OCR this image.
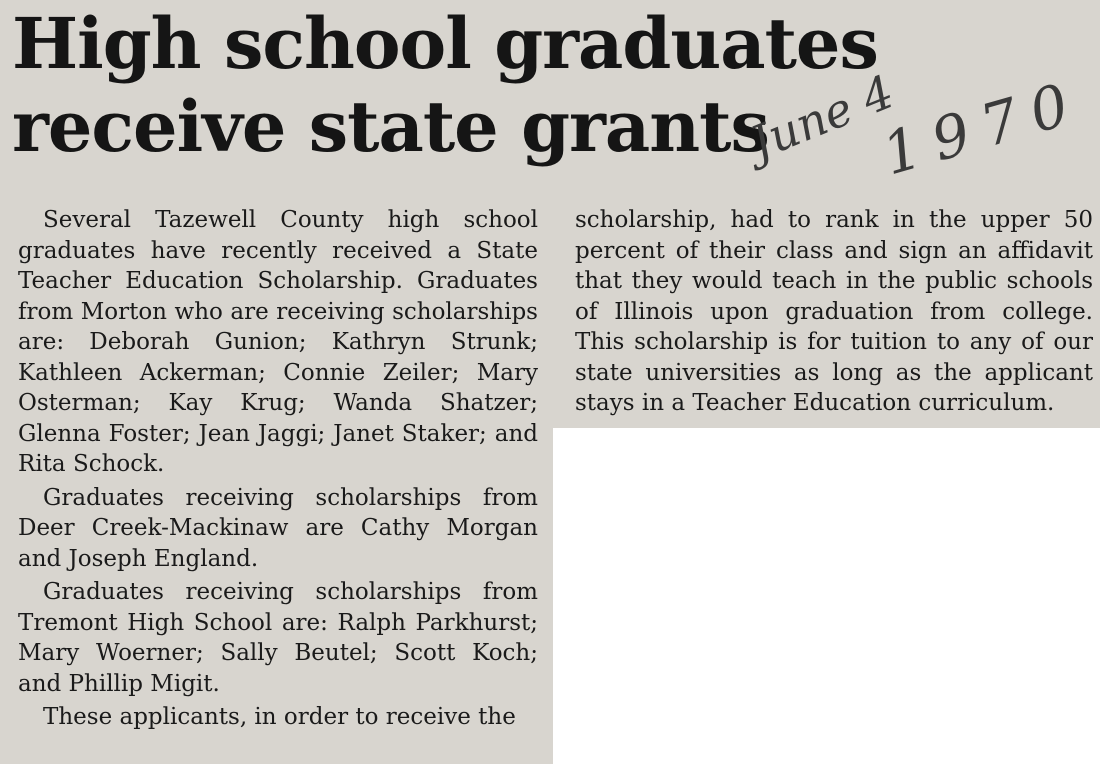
High school graduates
receive state grants
June 4
1970

Several Tazewell County high school graduates have recently received a State Teacher Education Scholarship. Graduates from Morton who are receiving scholarships are: Deborah Gunion; Kathryn Strunk; Kathleen Ackerman; Connie Zeiler; Mary Osterman; Kay Krug; Wanda Shatzer; Glenna Foster; Jean Jaggi; Janet Staker; and Rita Schock.

Graduates receiving scholarships from Deer Creek-Mackinaw are Cathy Morgan and Joseph England.

Graduates receiving scholarships from Tremont High School are: Ralph Parkhurst; Mary Woerner; Sally Beutel; Scott Koch; and Phillip Migit.

These applicants, in order to receive the

scholarship, had to rank in the upper 50 percent of their class and sign an affidavit that they would teach in the public schools of Illinois upon graduation from college. This scholarship is for tuition to any of our state universities as long as the applicant stays in a Teacher Education curriculum.
